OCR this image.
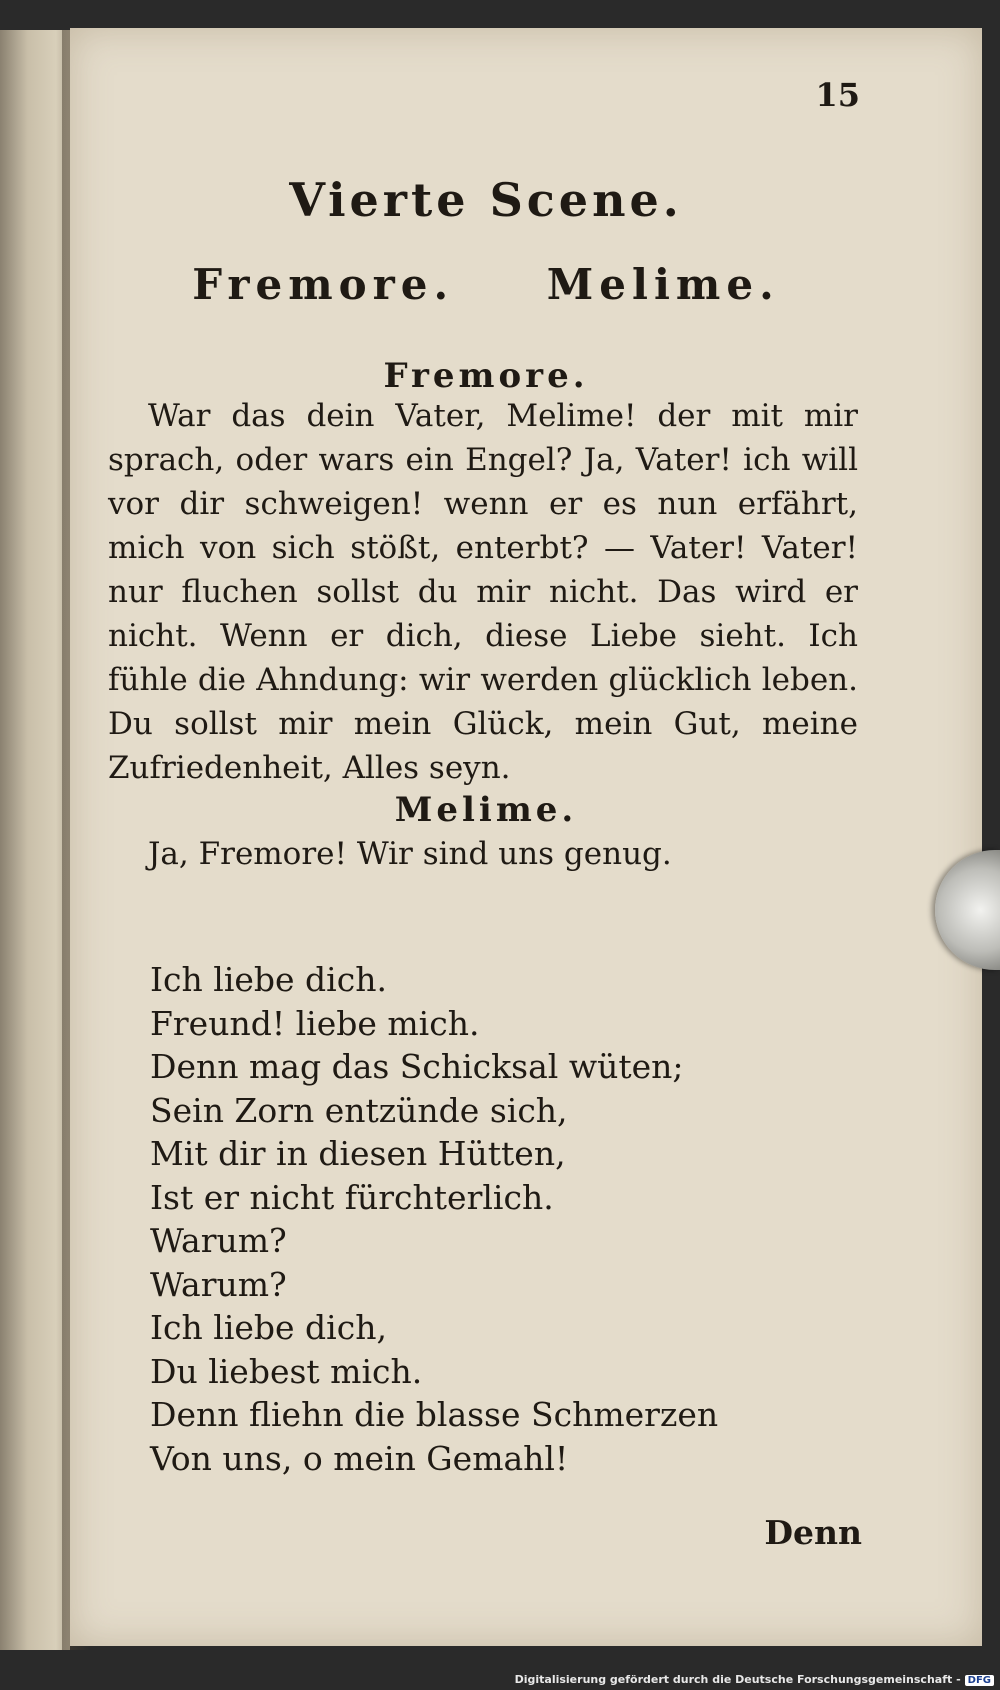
15
Vierte Scene.
Fremore. Melime.
Fremore.

War das dein Vater, Melime! der mit mir sprach, oder wars ein Engel? Ja, Vater! ich will vor dir schweigen! wenn er es nun erfährt, mich von sich stößt, enterbt? — Vater! Vater! nur fluchen sollst du mir nicht. Das wird er nicht. Wenn er dich, diese Liebe sieht. Ich fühle die Ahndung: wir werden glücklich leben. Du sollst mir mein Glück, mein Gut, meine Zufriedenheit, Alles seyn.

Melime.

Ja, Fremore! Wir sind uns genug.

Ich liebe dich.
Freund! liebe mich.
Denn mag das Schicksal wüten;
Sein Zorn entzünde sich,
Mit dir in diesen Hütten,
Ist er nicht fürchterlich.
Warum?
Warum?
Ich liebe dich,
Du liebest mich.
Denn fliehn die blasse Schmerzen
Von uns, o mein Gemahl!
Denn
Digitalisierung gefördert durch die Deutsche Forschungsgemeinschaft - DFG
